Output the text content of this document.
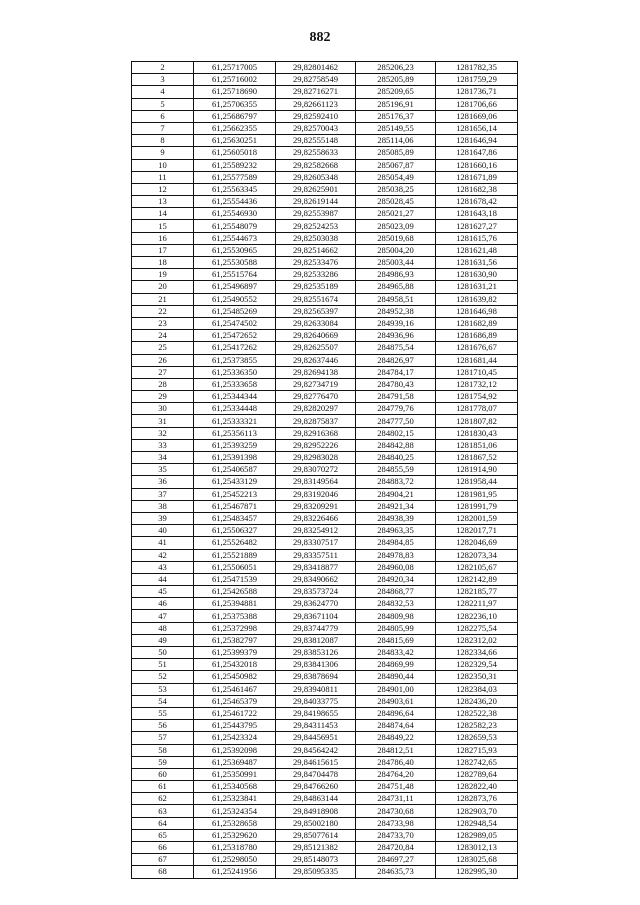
882
2	61,25717005	29,82801462	285206,23	1281782,35
3	61,25716002	29,82758549	285205,89	1281759,29
4	61,25718690	29,82716271	285209,65	1281736,71
5	61,25706355	29,82661123	285196,91	1281706,66
6	61,25686797	29,82592410	285176,37	1281669,06
7	61,25662355	29,82570043	285149,55	1281656,14
8	61,25630251	29,82555148	285114,06	1281646,94
9	61,25605018	29,82558633	285085,89	1281647,86
10	61,25589232	29,82582668	285067,87	1281660,16
11	61,25577589	29,82605348	285054,49	1281671,89
12	61,25563345	29,82625901	285038,25	1281682,38
13	61,25554436	29,82619144	285028,45	1281678,42
14	61,25546930	29,82553987	285021,27	1281643,18
15	61,25548079	29,82524253	285023,09	1281627,27
16	61,25544673	29,82503038	285019,68	1281615,76
17	61,25530965	29,82514662	285004,20	1281621,48
18	61,25530588	29,82533476	285003,44	1281631,56
19	61,25515764	29,82533286	284986,93	1281630,90
20	61,25496897	29,82535189	284965,88	1281631,21
21	61,25490552	29,82551674	284958,51	1281639,82
22	61,25485269	29,82565397	284952,38	1281646,98
23	61,25474502	29,82633084	284939,16	1281682,89
24	61,25472652	29,82640669	284936,96	1281686,89
25	61,25417262	29,82625507	284875,54	1281676,67
26	61,25373855	29,82637446	284826,97	1281681,44
27	61,25336350	29,82694138	284784,17	1281710,45
28	61,25333658	29,82734719	284780,43	1281732,12
29	61,25344344	29,82776470	284791,58	1281754,92
30	61,25334448	29,82820297	284779,76	1281778,07
31	61,25333321	29,82875837	284777,50	1281807,82
32	61,25356113	29,82916368	284802,15	1281830,43
33	61,25393259	29,82952226	284842,88	1281851,06
34	61,25391398	29,82983028	284840,25	1281867,52
35	61,25406587	29,83070272	284855,59	1281914,90
36	61,25433129	29,83149564	284883,72	1281958,44
37	61,25452213	29,83192046	284904,21	1281981,95
38	61,25467871	29,83209291	284921,34	1281991,79
39	61,25483457	29,83226466	284938,39	1282001,59
40	61,25506327	29,83254912	284963,35	1282017,71
41	61,25526482	29,83307517	284984,85	1282046,69
42	61,25521889	29,83357511	284978,83	1282073,34
43	61,25506051	29,83418877	284960,08	1282105,67
44	61,25471539	29,83490662	284920,34	1282142,89
45	61,25426588	29,83573724	284868,77	1282185,77
46	61,25394881	29,83624770	284832,53	1282211,97
47	61,25375388	29,83671104	284809,98	1282236,10
48	61,25372998	29,83744779	284805,99	1282275,54
49	61,25382797	29,83812087	284815,69	1282312,02
50	61,25399379	29,83853126	284833,42	1282334,66
51	61,25432018	29,83841306	284869,99	1282329,54
52	61,25450982	29,83878694	284890,44	1282350,31
53	61,25461467	29,83940811	284901,00	1282384,03
54	61,25465379	29,84033775	284903,61	1282436,20
55	61,25461722	29,84198655	284896,64	1282522,38
56	61,25443795	29,84311453	284874,64	1282582,23
57	61,25423324	29,84456951	284849,22	1282659,53
58	61,25392098	29,84564242	284812,51	1282715,93
59	61,25369487	29,84615615	284786,40	1282742,65
60	61,25350991	29,84704478	284764,20	1282789,64
61	61,25340568	29,84766260	284751,48	1282822,40
62	61,25323841	29,84863144	284731,11	1282873,76
63	61,25324354	29,84918908	284730,68	1282903,70
64	61,25328658	29,85002180	284733,98	1282948,54
65	61,25329620	29,85077614	284733,70	1282989,05
66	61,25318780	29,85121382	284720,84	1283012,13
67	61,25298050	29,85148073	284697,27	1283025,68
68	61,25241956	29,85095335	284635,73	1282995,30
